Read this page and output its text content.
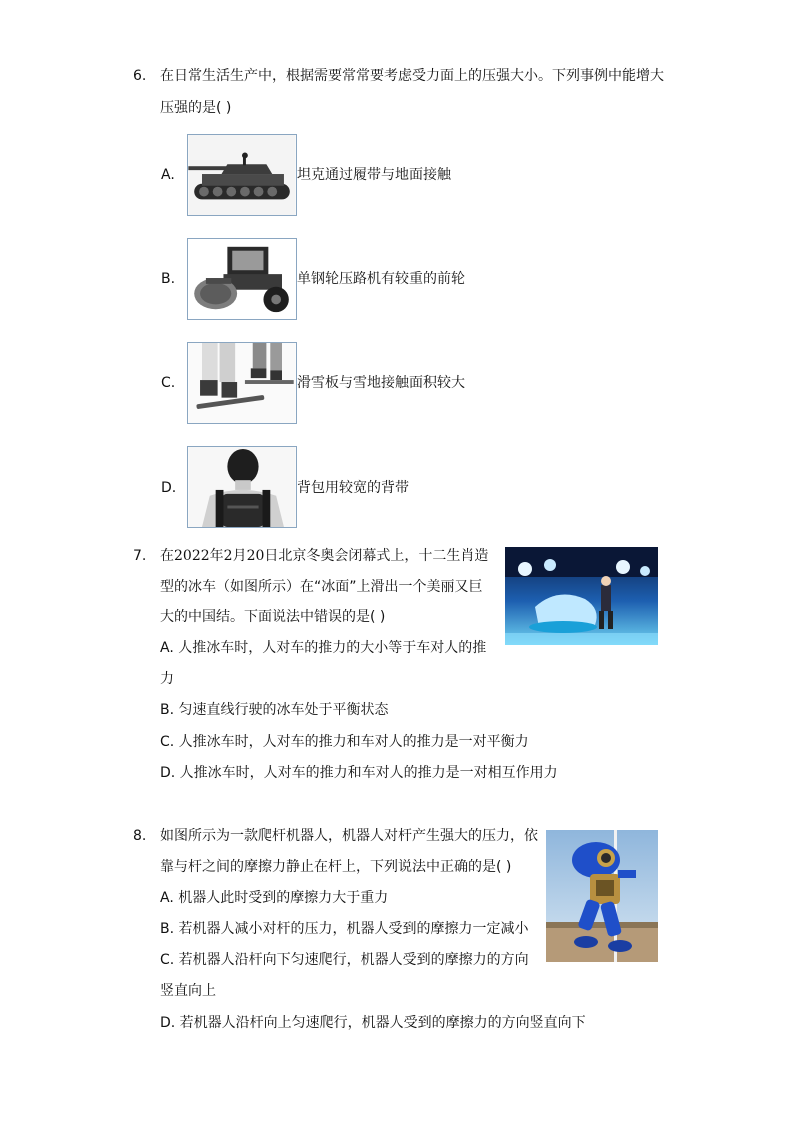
6. 在日常生活生产中，根据需要常常要考虑受力面上的压强大小。下列事例中能增大
压强的是( )
A.	坦克通过履带与地面接触
B.	单钢轮压路机有较重的前轮
C.	滑雪板与雪地接触面积较大
D.	背包用较宽的背带
7. 在2022年2月20日北京冬奥会闭幕式上，十二生肖造
型的冰车（如图所示）在“冰面”上滑出一个美丽又巨
大的中国结。下面说法中错误的是( )
A. 人推冰车时，人对车的推力的大小等于车对人的推
力
B. 匀速直线行驶的冰车处于平衡状态
C. 人推冰车时，人对车的推力和车对人的推力是一对平衡力
D. 人推冰车时，人对车的推力和车对人的推力是一对相互作用力
8. 如图所示为一款爬杆机器人，机器人对杆产生强大的压力，依
靠与杆之间的摩擦力静止在杆上，下列说法中正确的是( )
A. 机器人此时受到的摩擦力大于重力
B. 若机器人减小对杆的压力，机器人受到的摩擦力一定减小
C. 若机器人沿杆向下匀速爬行，机器人受到的摩擦力的方向
竖直向上
D. 若机器人沿杆向上匀速爬行，机器人受到的摩擦力的方向竖直向下
